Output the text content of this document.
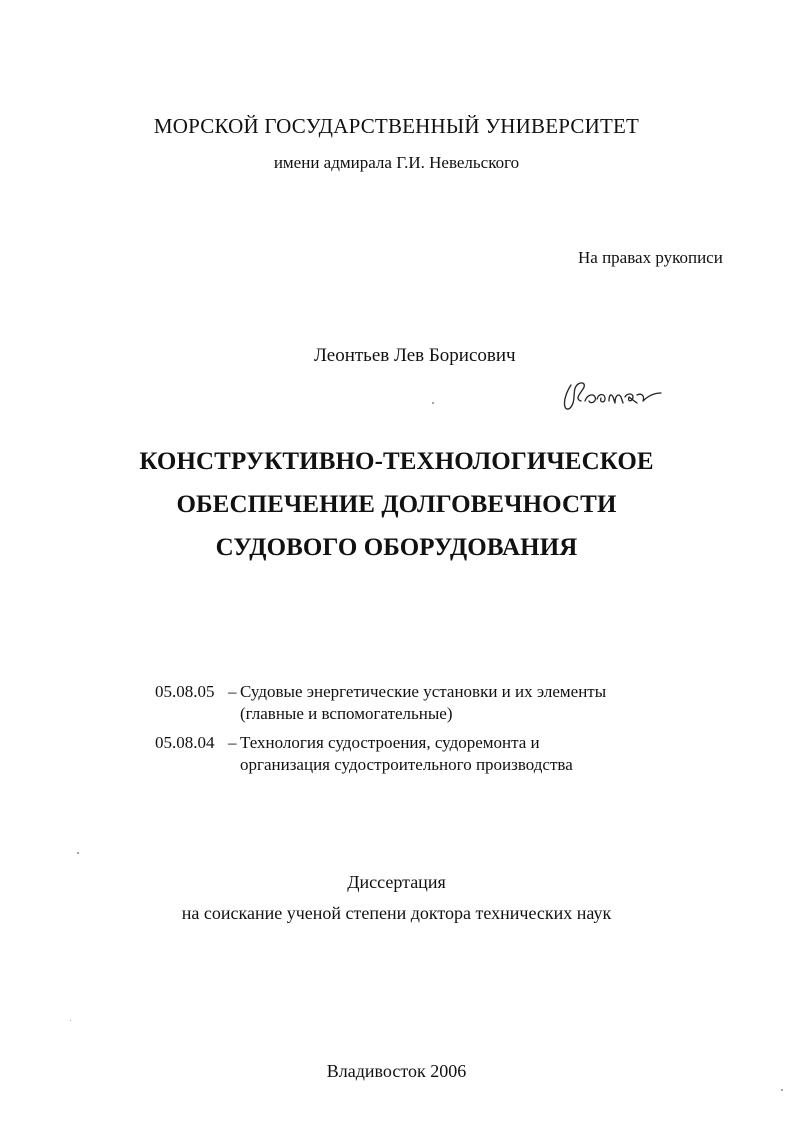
МОРСКОЙ ГОСУДАРСТВЕННЫЙ УНИВЕРСИТЕТ
имени адмирала Г.И. Невельского
На правах рукописи
Леонтьев Лев Борисович
КОНСТРУКТИВНО-ТЕХНОЛОГИЧЕСКОЕ
ОБЕСПЕЧЕНИЕ ДОЛГОВЕЧНОСТИ
СУДОВОГО ОБОРУДОВАНИЯ
05.08.05 – Судовые энергетические установки и их элементы
(главные и вспомогательные)
05.08.04 – Технология судостроения, судоремонта и
организация судостроительного производства
Диссертация
на соискание ученой степени доктора технических наук
Владивосток 2006
